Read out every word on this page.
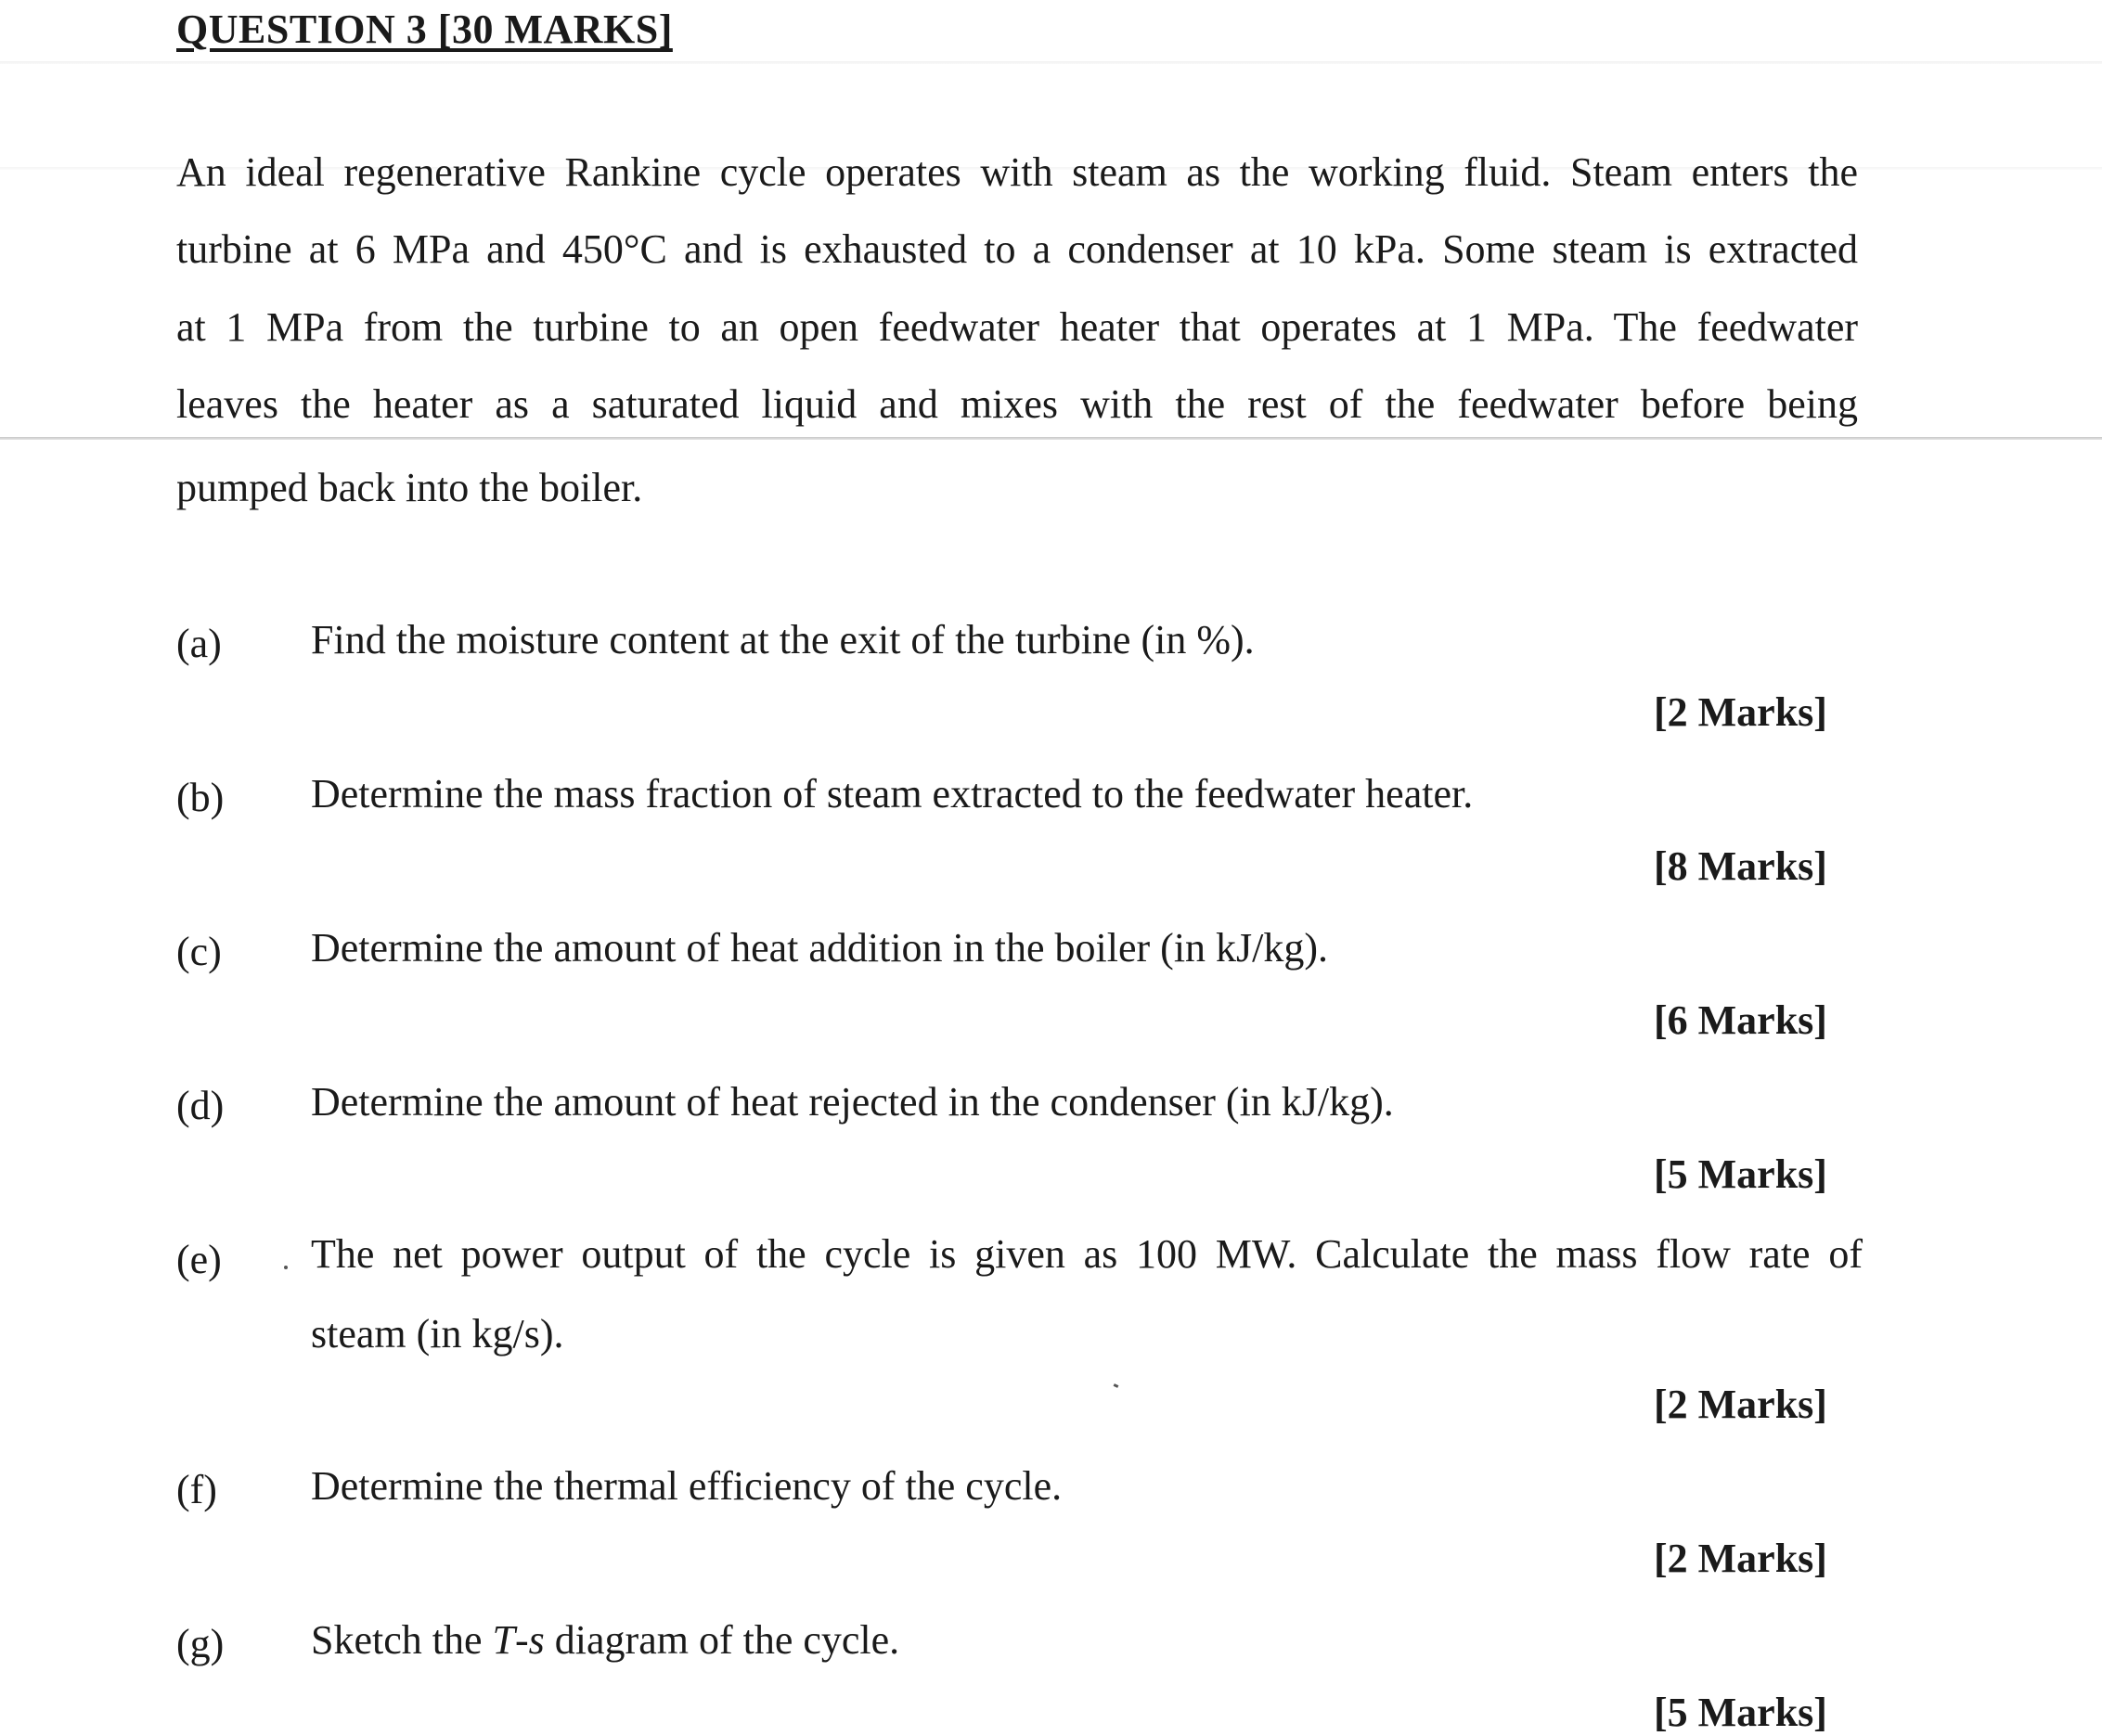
QUESTION 3 [30 MARKS]
An ideal regenerative Rankine cycle operates with steam as the working fluid. Steam enters the
turbine at 6 MPa and 450°C and is exhausted to a condenser at 10 kPa. Some steam is extracted
at 1 MPa from the turbine to an open feedwater heater that operates at 1 MPa. The feedwater
leaves the heater as a saturated liquid and mixes with the rest of the feedwater before being
pumped back into the boiler.
(a) Find the moisture content at the exit of the turbine (in %).
[2 Marks]
(b) Determine the mass fraction of steam extracted to the feedwater heater.
[8 Marks]
(c) Determine the amount of heat addition in the boiler (in kJ/kg).
[6 Marks]
(d) Determine the amount of heat rejected in the condenser (in kJ/kg).
[5 Marks]
(e) The net power output of the cycle is given as 100 MW. Calculate the mass flow rate of
steam (in kg/s).
[2 Marks]
(f) Determine the thermal efficiency of the cycle.
[2 Marks]
(g) Sketch the T-s diagram of the cycle.
[5 Marks]
